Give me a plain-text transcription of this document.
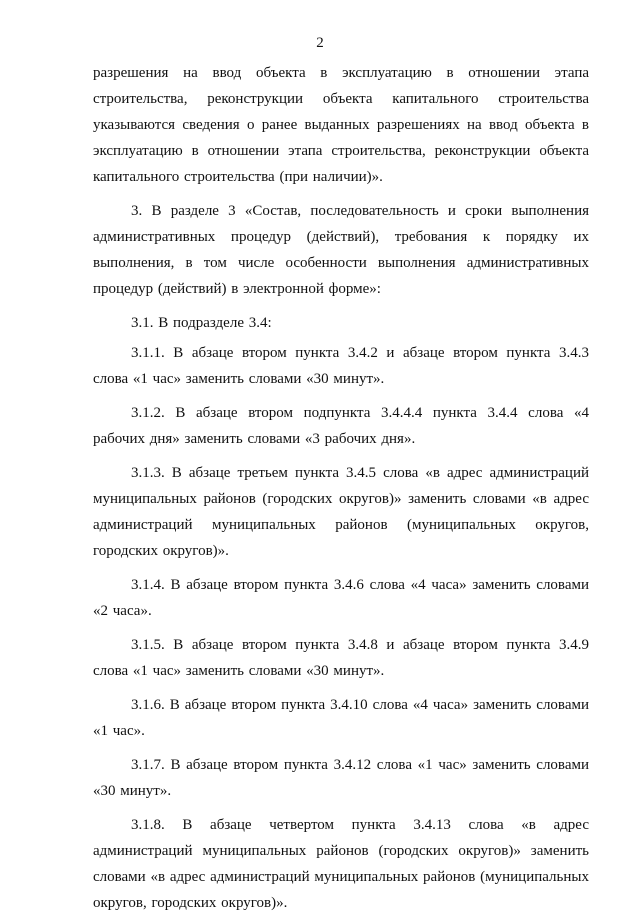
2

разрешения на ввод объекта в эксплуатацию в отношении этапа строительства, реконструкции объекта капитального строительства указываются сведения о ранее выданных разрешениях на ввод объекта в эксплуатацию в отношении этапа строительства, реконструкции объекта капитального строительства (при наличии)».

3. В разделе 3 «Состав, последовательность и сроки выполнения административных процедур (действий), требования к порядку их выполнения, в том числе особенности выполнения административных процедур (действий) в электронной форме»:

3.1. В подразделе 3.4:

3.1.1. В абзаце втором пункта 3.4.2 и абзаце втором пункта 3.4.3 слова «1 час» заменить словами «30 минут».

3.1.2. В абзаце втором подпункта 3.4.4.4 пункта 3.4.4 слова «4 рабочих дня» заменить словами «3 рабочих дня».

3.1.3. В абзаце третьем пункта 3.4.5 слова «в адрес администраций муниципальных районов (городских округов)» заменить словами «в адрес администраций муниципальных районов (муниципальных округов, городских округов)».

3.1.4. В абзаце втором пункта 3.4.6 слова «4 часа» заменить словами «2 часа».

3.1.5. В абзаце втором пункта 3.4.8 и абзаце втором пункта 3.4.9 слова «1 час» заменить словами «30 минут».

3.1.6. В абзаце втором пункта 3.4.10 слова «4 часа» заменить словами «1 час».

3.1.7. В абзаце втором пункта 3.4.12 слова «1 час» заменить словами «30 минут».

3.1.8. В абзаце четвертом пункта 3.4.13 слова «в адрес администраций муниципальных районов (городских округов)» заменить словами «в адрес администраций муниципальных районов (муниципальных округов, городских округов)».
